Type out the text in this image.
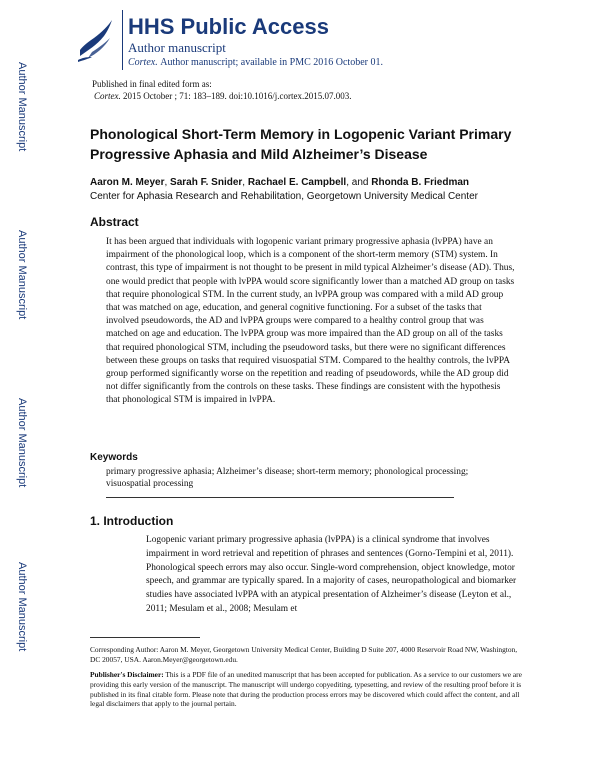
Author Manuscript
Author Manuscript
Author Manuscript
Author Manuscript
HHS Public Access
Author manuscript
Cortex. Author manuscript; available in PMC 2016 October 01.
Published in final edited form as:
Cortex. 2015 October ; 71: 183–189. doi:10.1016/j.cortex.2015.07.003.
Phonological Short-Term Memory in Logopenic Variant Primary Progressive Aphasia and Mild Alzheimer’s Disease
Aaron M. Meyer, Sarah F. Snider, Rachael E. Campbell, and Rhonda B. Friedman
Center for Aphasia Research and Rehabilitation, Georgetown University Medical Center
Abstract
It has been argued that individuals with logopenic variant primary progressive aphasia (lvPPA) have an impairment of the phonological loop, which is a component of the short-term memory (STM) system. In contrast, this type of impairment is not thought to be present in mild typical Alzheimer’s disease (AD). Thus, one would predict that people with lvPPA would score significantly lower than a matched AD group on tasks that require phonological STM. In the current study, an lvPPA group was compared with a mild AD group that was matched on age, education, and general cognitive functioning. For a subset of the tasks that involved pseudowords, the AD and lvPPA groups were compared to a healthy control group that was matched on age and education. The lvPPA group was more impaired than the AD group on all of the tasks that required phonological STM, including the pseudoword tasks, but there were no significant differences between these groups on tasks that required visuospatial STM. Compared to the healthy controls, the lvPPA group performed significantly worse on the repetition and reading of pseudowords, while the AD group did not differ significantly from the controls on these tasks. These findings are consistent with the hypothesis that phonological STM is impaired in lvPPA.
Keywords
primary progressive aphasia; Alzheimer’s disease; short-term memory; phonological processing; visuospatial processing
1. Introduction
Logopenic variant primary progressive aphasia (lvPPA) is a clinical syndrome that involves impairment in word retrieval and repetition of phrases and sentences (Gorno-Tempini et al, 2011). Phonological speech errors may also occur. Single-word comprehension, object knowledge, motor speech, and grammar are typically spared. In a majority of cases, neuropathological and biomarker studies have associated lvPPA with an atypical presentation of Alzheimer’s disease (Leyton et al., 2011; Mesulam et al., 2008; Mesulam et
Corresponding Author: Aaron M. Meyer, Georgetown University Medical Center, Building D Suite 207, 4000 Reservoir Road NW, Washington, DC 20057, USA. Aaron.Meyer@georgetown.edu.
Publisher's Disclaimer: This is a PDF file of an unedited manuscript that has been accepted for publication. As a service to our customers we are providing this early version of the manuscript. The manuscript will undergo copyediting, typesetting, and review of the resulting proof before it is published in its final citable form. Please note that during the production process errors may be discovered which could affect the content, and all legal disclaimers that apply to the journal pertain.
